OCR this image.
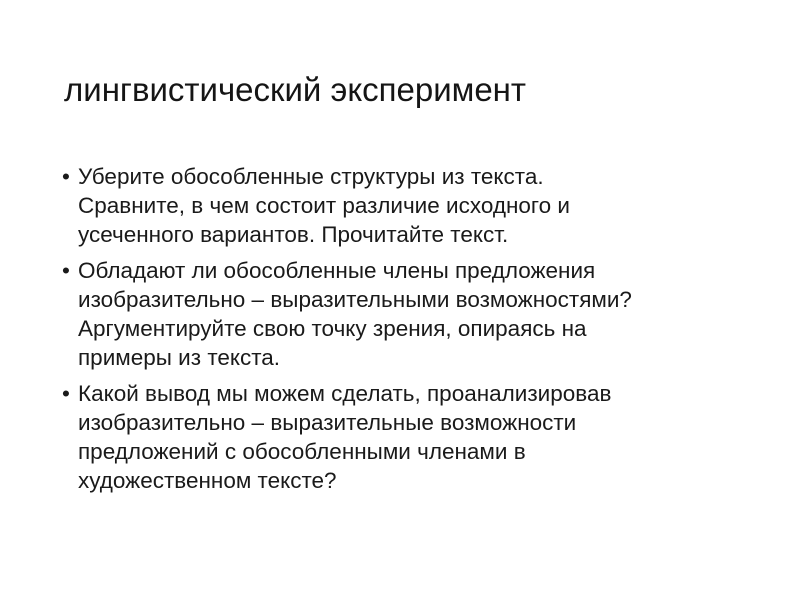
лингвистический эксперимент
• Уберите обособленные структуры из текста.
Сравните, в чем состоит различие исходного и
усеченного вариантов. Прочитайте текст.
• Обладают ли обособленные члены предложения
изобразительно – выразительными возможностями?
Аргументируйте свою точку зрения, опираясь на
примеры из текста.
• Какой вывод мы можем сделать, проанализировав
изобразительно – выразительные возможности
предложений с обособленными членами в
художественном тексте?
